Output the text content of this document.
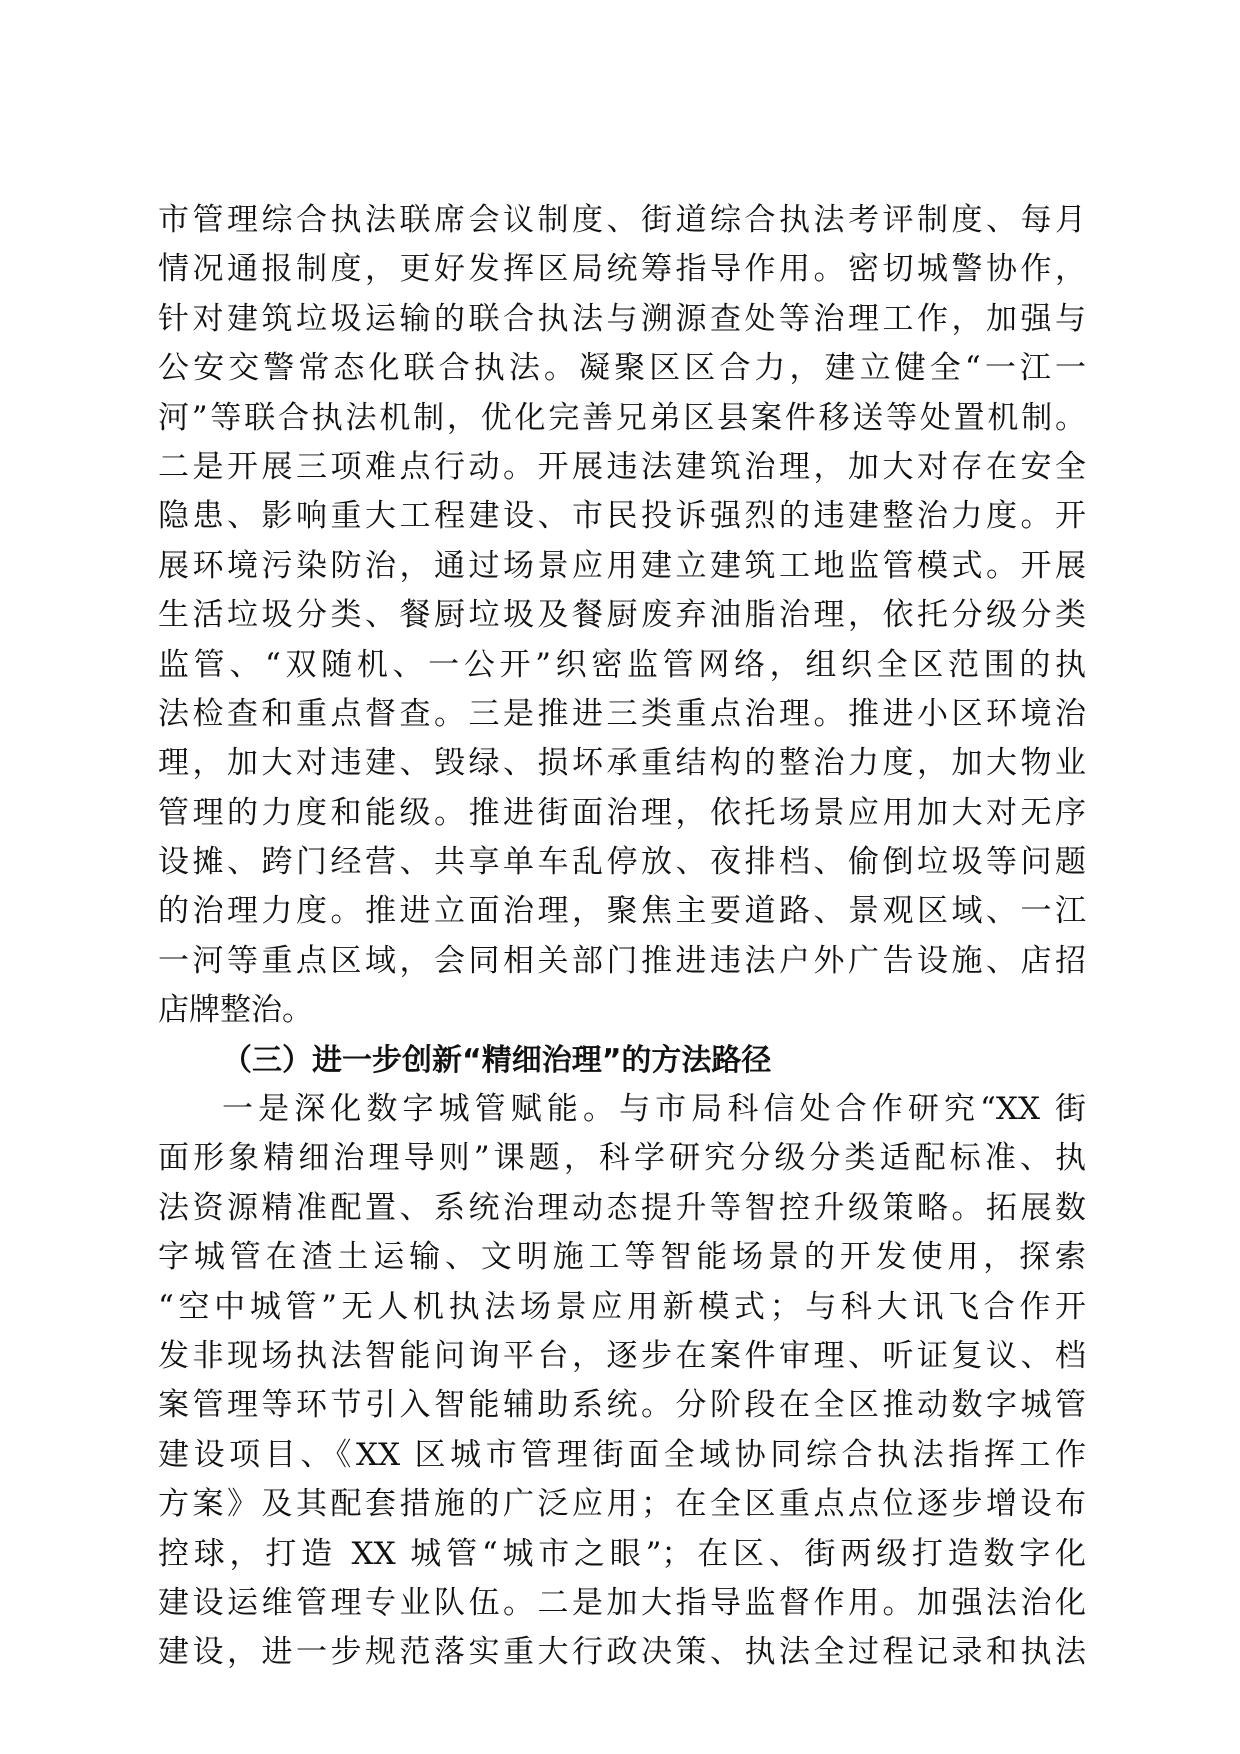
市管理综合执法联席会议制度、街道综合执法考评制度、每月
情况通报制度，更好发挥区局统筹指导作用。密切城警协作，
针对建筑垃圾运输的联合执法与溯源查处等治理工作，加强与
公安交警常态化联合执法。凝聚区区合力，建立健全“一江一
河”等联合执法机制，优化完善兄弟区县案件移送等处置机制。
二是开展三项难点行动。开展违法建筑治理，加大对存在安全
隐患、影响重大工程建设、市民投诉强烈的违建整治力度。开
展环境污染防治，通过场景应用建立建筑工地监管模式。开展
生活垃圾分类、餐厨垃圾及餐厨废弃油脂治理，依托分级分类
监管、“双随机、一公开”织密监管网络，组织全区范围的执
法检查和重点督查。三是推进三类重点治理。推进小区环境治
理，加大对违建、毁绿、损坏承重结构的整治力度，加大物业
管理的力度和能级。推进街面治理，依托场景应用加大对无序
设摊、跨门经营、共享单车乱停放、夜排档、偷倒垃圾等问题
的治理力度。推进立面治理，聚焦主要道路、景观区域、一江
一河等重点区域，会同相关部门推进违法户外广告设施、店招
店牌整治。
（三）进一步创新“精细治理”的方法路径
一是深化数字城管赋能。与市局科信处合作研究“XX 街
面形象精细治理导则”课题，科学研究分级分类适配标准、执
法资源精准配置、系统治理动态提升等智控升级策略。拓展数
字城管在渣土运输、文明施工等智能场景的开发使用，探索
“空中城管”无人机执法场景应用新模式；与科大讯飞合作开
发非现场执法智能问询平台，逐步在案件审理、听证复议、档
案管理等环节引入智能辅助系统。分阶段在全区推动数字城管
建设项目、《XX 区城市管理街面全域协同综合执法指挥工作
方案》及其配套措施的广泛应用；在全区重点点位逐步增设布
控球，打造 XX 城管“城市之眼”；在区、街两级打造数字化
建设运维管理专业队伍。二是加大指导监督作用。加强法治化
建设，进一步规范落实重大行政决策、执法全过程记录和执法
